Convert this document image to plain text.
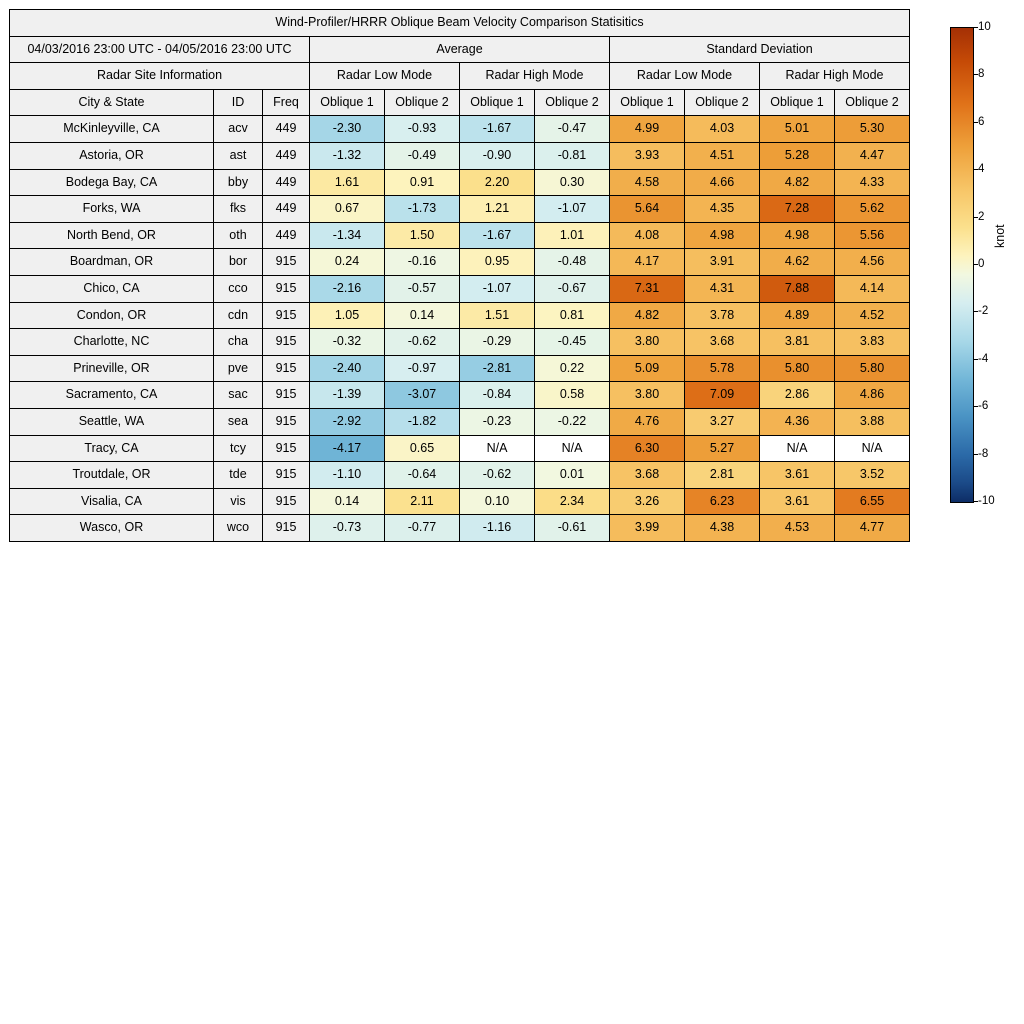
Wind-Profiler/HRRR Oblique Beam Velocity Comparison Statisitics										
04/03/2016 23:00 UTC - 04/05/2016 23:00 UTC			Average				Standard Deviation			
Radar Site Information			Radar Low Mode		Radar High Mode		Radar Low Mode		Radar High Mode	
City & State	ID	Freq	Oblique 1	Oblique 2	Oblique 1	Oblique 2	Oblique 1	Oblique 2	Oblique 1	Oblique 2
McKinleyville, CA	acv	449	-2.30	-0.93	-1.67	-0.47	4.99	4.03	5.01	5.30
Astoria, OR	ast	449	-1.32	-0.49	-0.90	-0.81	3.93	4.51	5.28	4.47
Bodega Bay, CA	bby	449	1.61	0.91	2.20	0.30	4.58	4.66	4.82	4.33
Forks, WA	fks	449	0.67	-1.73	1.21	-1.07	5.64	4.35	7.28	5.62
North Bend, OR	oth	449	-1.34	1.50	-1.67	1.01	4.08	4.98	4.98	5.56
Boardman, OR	bor	915	0.24	-0.16	0.95	-0.48	4.17	3.91	4.62	4.56
Chico, CA	cco	915	-2.16	-0.57	-1.07	-0.67	7.31	4.31	7.88	4.14
Condon, OR	cdn	915	1.05	0.14	1.51	0.81	4.82	3.78	4.89	4.52
Charlotte, NC	cha	915	-0.32	-0.62	-0.29	-0.45	3.80	3.68	3.81	3.83
Prineville, OR	pve	915	-2.40	-0.97	-2.81	0.22	5.09	5.78	5.80	5.80
Sacramento, CA	sac	915	-1.39	-3.07	-0.84	0.58	3.80	7.09	2.86	4.86
Seattle, WA	sea	915	-2.92	-1.82	-0.23	-0.22	4.76	3.27	4.36	3.88
Tracy, CA	tcy	915	-4.17	0.65	N/A	N/A	6.30	5.27	N/A	N/A
Troutdale, OR	tde	915	-1.10	-0.64	-0.62	0.01	3.68	2.81	3.61	3.52
Visalia, CA	vis	915	0.14	2.11	0.10	2.34	3.26	6.23	3.61	6.55
Wasco, OR	wco	915	-0.73	-0.77	-1.16	-0.61	3.99	4.38	4.53	4.77
10
8
6
4
2
0
-2
-4
-6
-8
-10
knot
